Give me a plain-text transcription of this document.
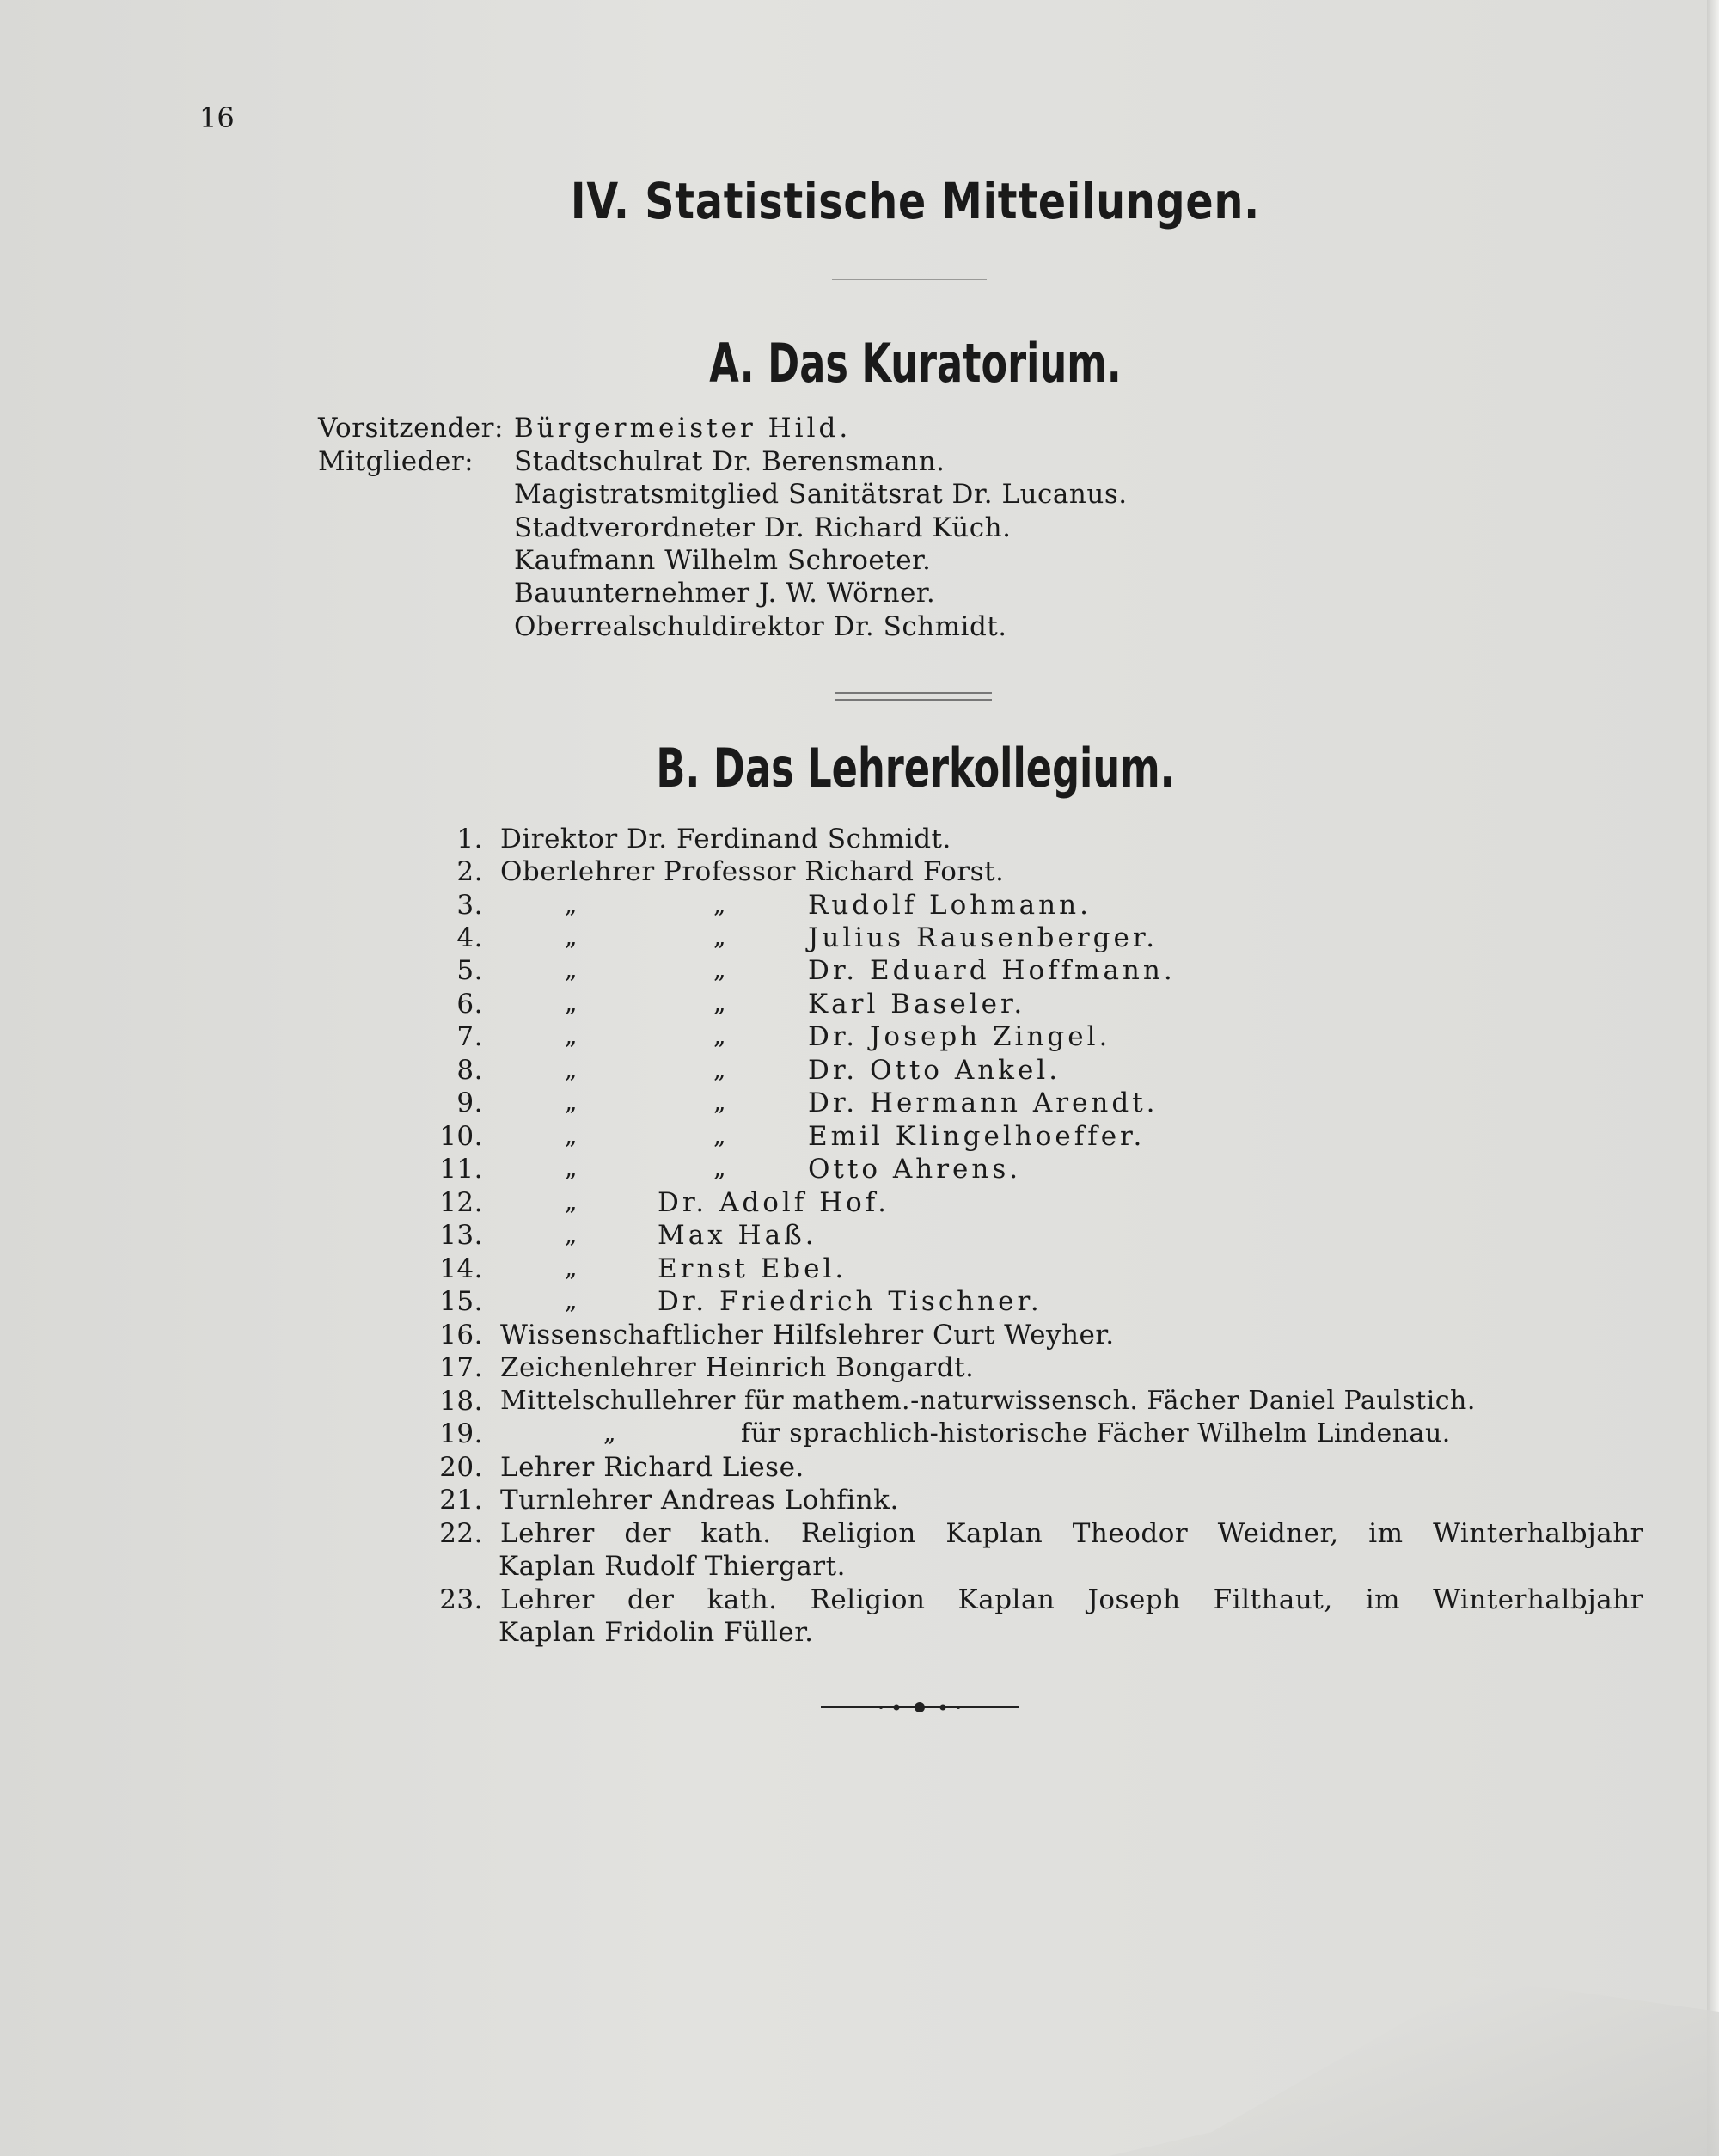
16
IV. Statistische Mitteilungen.
A. Das Kuratorium.
Vorsitzender: Bürgermeister Hild.
Mitglieder: Stadtschulrat Dr. Berensmann.
Magistratsmitglied Sanitätsrat Dr. Lucanus.
Stadtverordneter Dr. Richard Küch.
Kaufmann Wilhelm Schroeter.
Bauunternehmer J. W. Wörner.
Oberrealschuldirektor Dr. Schmidt.
B. Das Lehrerkollegium.
1. Direktor Dr. Ferdinand Schmidt.
2. Oberlehrer Professor Richard Forst.
3.	„	„	Rudolf Lohmann.
4.	„	„	Julius Rausenberger.
5.	„	„	Dr. Eduard Hoffmann.
6.	„	„	Karl Baseler.
7.	„	„	Dr. Joseph Zingel.
8.	„	„	Dr. Otto Ankel.
9.	„	„	Dr. Hermann Arendt.
10.	„	„	Emil Klingelhoeffer.
11.	„	„	Otto Ahrens.
12.	„	Dr. Adolf Hof.
13.	„	Max Haß.
14.	„	Ernst Ebel.
15.	„	Dr. Friedrich Tischner.
16. Wissenschaftlicher Hilfslehrer Curt Weyher.
17. Zeichenlehrer Heinrich Bongardt.
18. Mittelschullehrer für mathem.-naturwissensch. Fächer Daniel Paulstich.
19.	„	für sprachlich-historische Fächer Wilhelm Lindenau.
20. Lehrer Richard Liese.
21. Turnlehrer Andreas Lohfink.
22. Lehrer der kath. Religion Kaplan Theodor Weidner, im Winterhalbjahr
Kaplan Rudolf Thiergart.
23. Lehrer der kath. Religion Kaplan Joseph Filthaut, im Winterhalbjahr
Kaplan Fridolin Füller.
